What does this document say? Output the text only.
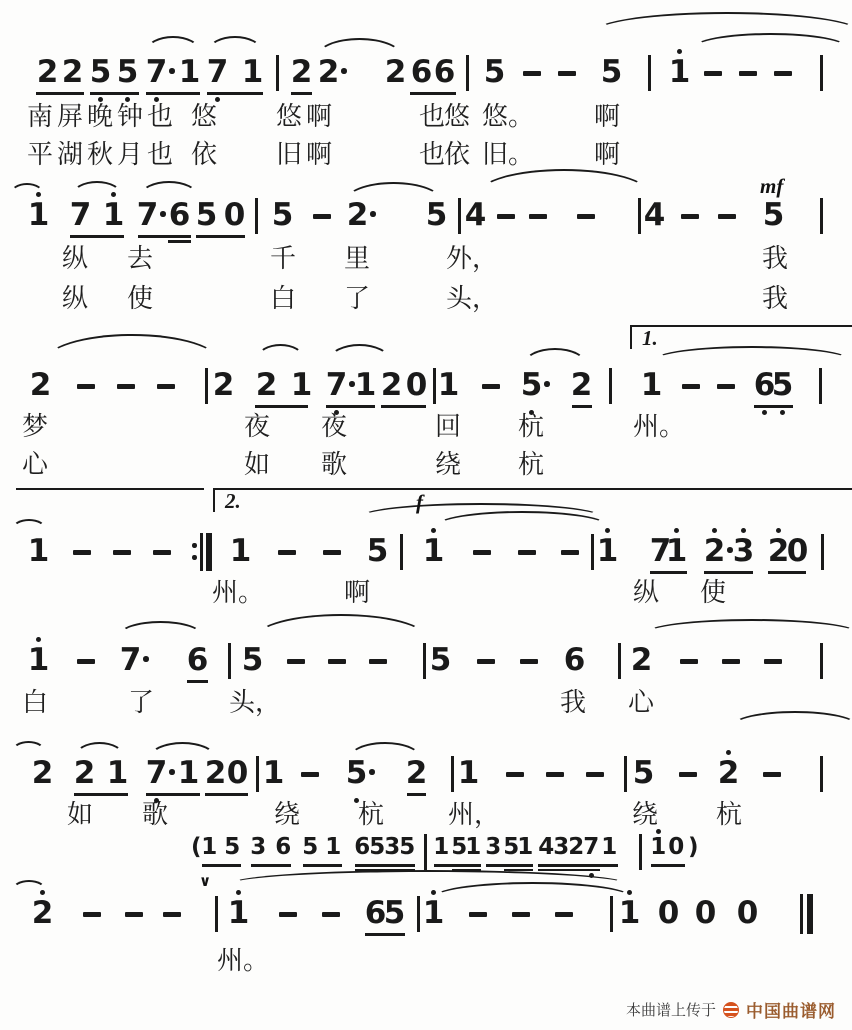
2 2 5 5 7 1 7 1 2 2 2 6 6 5	5 1
南 屏 晚 钟 也 悠 悠 啊	也
悠 悠。 啊
平 湖 秋 月 也 依 旧 啊	也
依 旧。 啊
1 7 1 7 6 5 0 5 2 5 4	4	5
mf
纵 去	千 里	外，	我
纵 使	白 了	头，	我
2	2 2 1 7 1 2 0 1 5 2 1	6
5
1.
梦	夜 夜	回 杭	州。
心	如 歌	绕 杭
1	1	5 1	1 7
1 2 3 2
0
2.	f
州。	啊	纵 使
1 7 6 5	5	6 2
白	了	头，	我 心
2 2 1 7 1 2 0 1 5 2 1	5 2
如 歌	绕 杭 州，	绕 杭
( 1 5 3 6 5 1 6 5 3 5 1 5
1 3 5
1 4 3 2 7 1 1 0 )
2	1	6
5 1	1 0 0 0
∨
州。
本曲谱上传于 中国曲谱网
